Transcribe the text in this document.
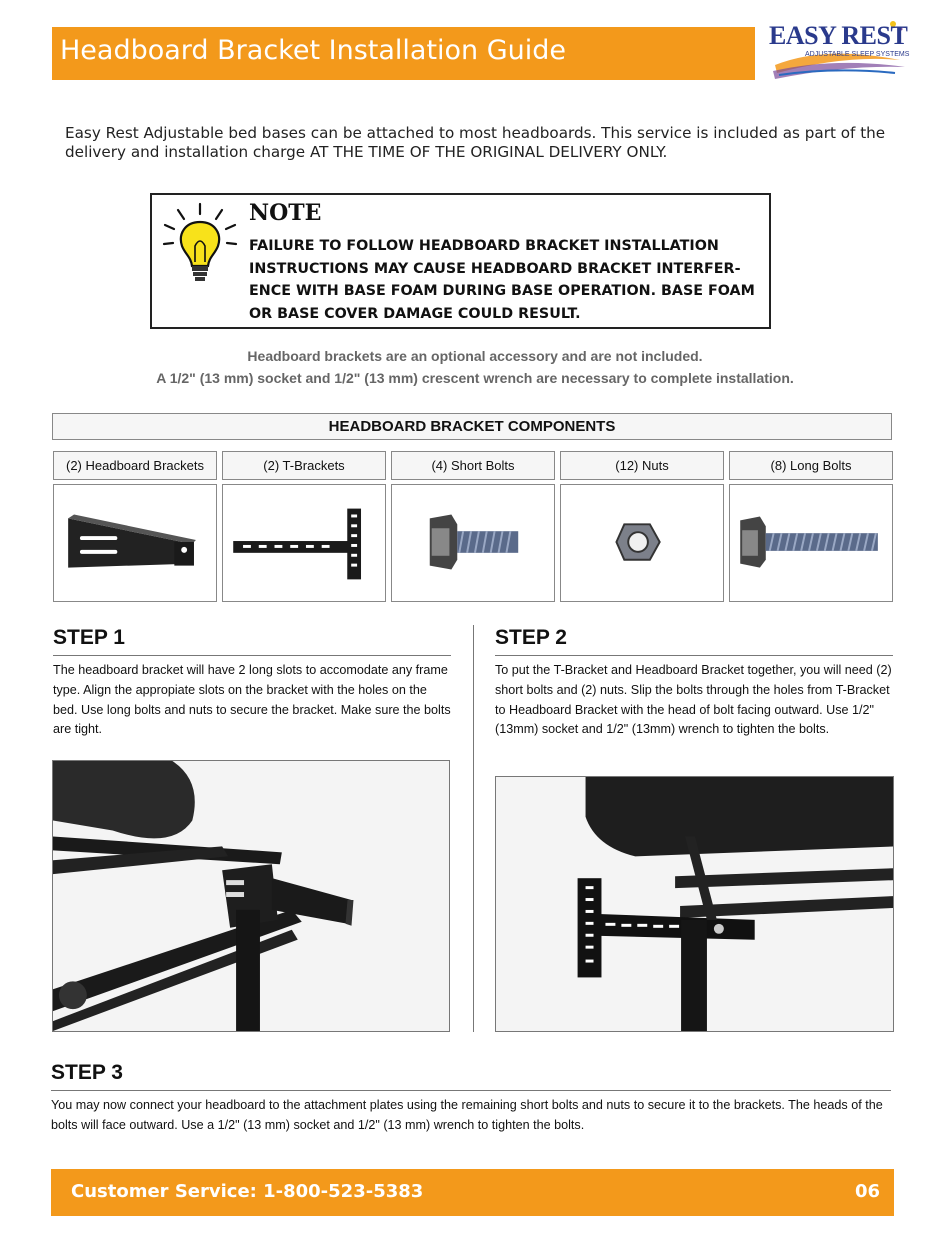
Headboard Bracket Installation Guide	EASY REST
ADJUSTABLE SLEEP SYSTEMS
Easy Rest Adjustable bed bases can be attached to most headboards. This service is included as part of the delivery and installation charge AT THE TIME OF THE ORIGINAL DELIVERY ONLY.
NOTE
FAILURE TO FOLLOW HEADBOARD BRACKET INSTALLATION INSTRUCTIONS MAY CAUSE HEADBOARD BRACKET INTERFER-ENCE WITH BASE FOAM DURING BASE OPERATION. BASE FOAM OR BASE COVER DAMAGE COULD RESULT.
Headboard brackets are an optional accessory and are not included.
A 1/2" (13 mm) socket and 1/2" (13 mm) crescent wrench are necessary to complete installation.
HEADBOARD BRACKET COMPONENTS
(2) Headboard Brackets	(2) T-Brackets	(4) Short Bolts	(12) Nuts	(8) Long Bolts
STEP 1
The headboard bracket will have 2 long slots to accomodate any frame type. Align the appropiate slots on the bracket with the holes on the bed. Use long bolts and nuts to secure the bracket. Make sure the bolts are tight.
STEP 2
To put the T-Bracket and Headboard Bracket together, you will need (2) short bolts and (2) nuts. Slip the bolts through the holes from T-Bracket to Headboard Bracket with the head of bolt facing outward. Use 1/2" (13mm) socket and 1/2" (13mm) wrench to tighten the bolts.
STEP 3
You may now connect your headboard to the attachment plates using the remaining short bolts and nuts to secure it to the brackets. The heads of the bolts will face outward. Use a 1/2" (13 mm) socket and 1/2" (13 mm) wrench to tighten the bolts.
Customer Service: 1-800-523-5383	06
